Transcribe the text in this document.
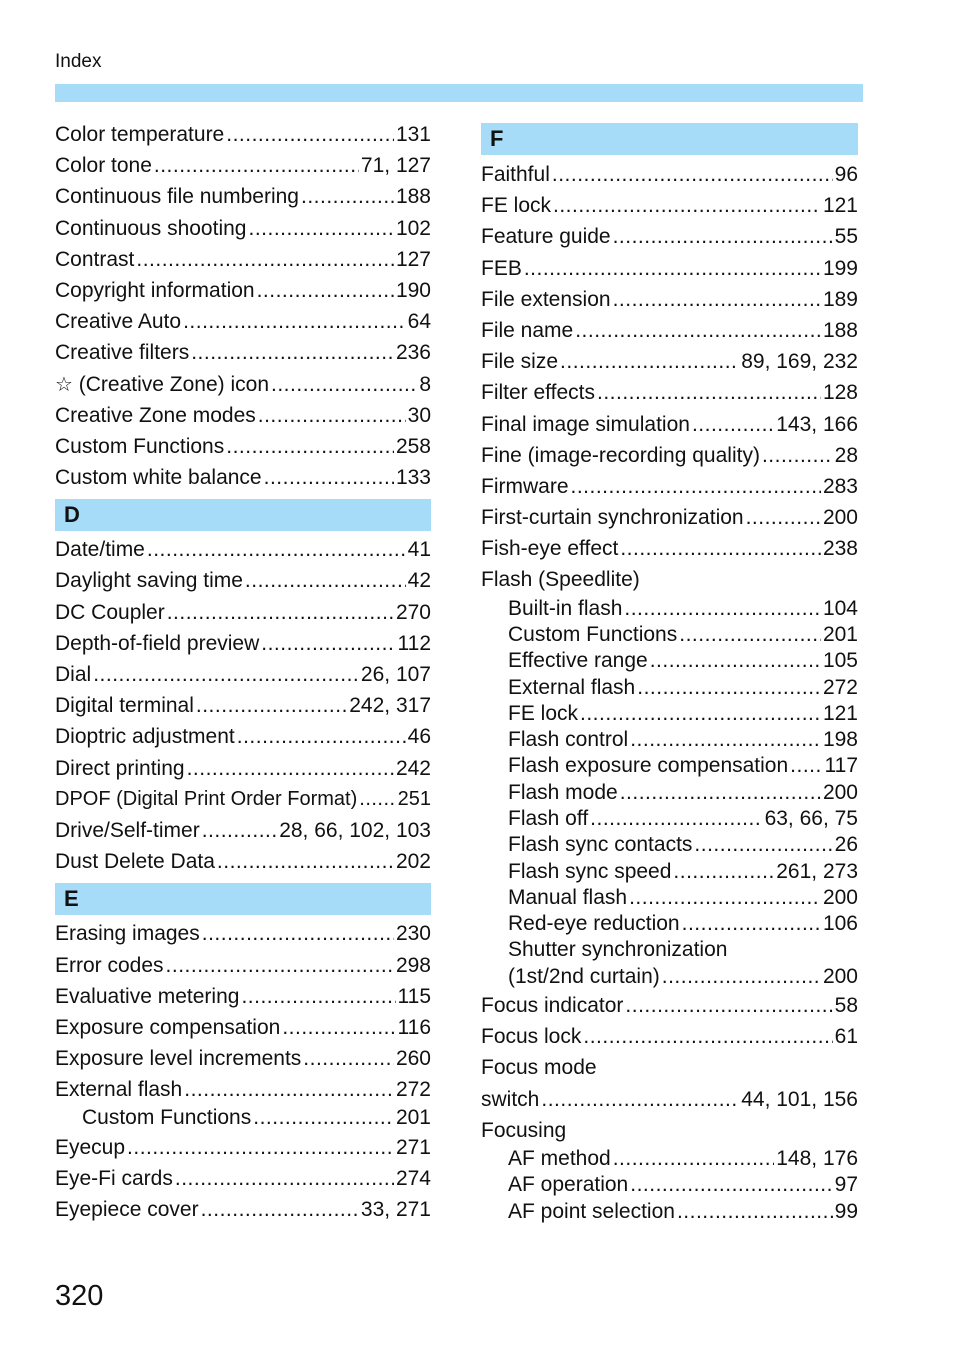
Index
Color temperature .....	131
Color tone .....	71, 127
Continuous file numbering .....	188
Continuous shooting .....	102
Contrast .....	127
Copyright information .....	190
Creative Auto .....	64
Creative filters .....	236
☆ (Creative Zone) icon .....	8
Creative Zone modes .....	30
Custom Functions .....	258
Custom white balance .....	133
D
Date/time .....	41
Daylight saving time .....	42
DC Coupler .....	270
Depth-of-field preview .....	112
Dial .....	26, 107
Digital terminal .....	242, 317
Dioptric adjustment .....	46
Direct printing .....	242
DPOF (Digital Print Order Format) ..... 251
Drive/Self-timer .....	28, 66, 102, 103
Dust Delete Data .....	202
E
Erasing images .....	230
Error codes .....	298
Evaluative metering .....	115
Exposure compensation .....	116
Exposure level increments .....	260
External flash .....	272
Custom Functions .....	201
Eyecup .....	271
Eye-Fi cards .....	274
Eyepiece cover .....	33, 271
F
Faithful .....	96
FE lock .....	121
Feature guide .....	55
FEB .....	199
File extension .....	189
File name .....	188
File size .....	89, 169, 232
Filter effects .....	128
Final image simulation .....	143, 166
Fine (image-recording quality) .....	28
Firmware .....	283
First-curtain synchronization .....	200
Fish-eye effect .....	238
Flash (Speedlite)
Built-in flash .....	104
Custom Functions .....	201
Effective range .....	105
External flash .....	272
FE lock .....	121
Flash control .....	198
Flash exposure compensation ..... 117
Flash mode .....	200
Flash off .....	63, 66, 75
Flash sync contacts .....	26
Flash sync speed .....	261, 273
Manual flash .....	200
Red-eye reduction .....	106
Shutter synchronization
(1st/2nd curtain) .....	200
Focus indicator .....	58
Focus lock .....	61
Focus mode
switch .....	44, 101, 156
Focusing
AF method .....	148, 176
AF operation .....	97
AF point selection .....	99
320
